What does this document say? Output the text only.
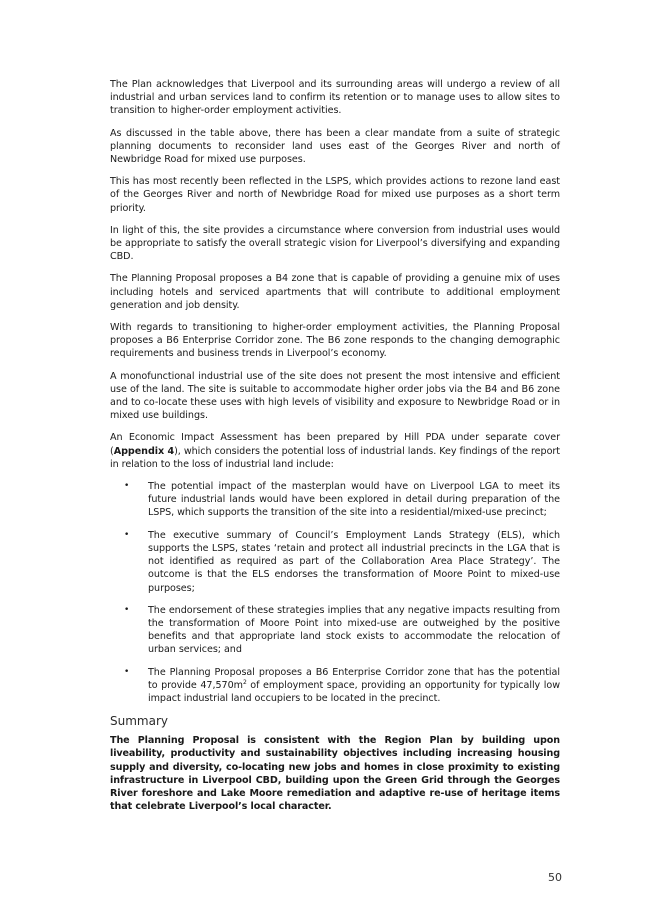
The Plan acknowledges that Liverpool and its surrounding areas will undergo a review of all industrial and urban services land to confirm its retention or to manage uses to allow sites to transition to higher-order employment activities.

As discussed in the table above, there has been a clear mandate from a suite of strategic planning documents to reconsider land uses east of the Georges River and north of Newbridge Road for mixed use purposes.

This has most recently been reflected in the LSPS, which provides actions to rezone land east of the Georges River and north of Newbridge Road for mixed use purposes as a short term priority.

In light of this, the site provides a circumstance where conversion from industrial uses would be appropriate to satisfy the overall strategic vision for Liverpool’s diversifying and expanding CBD.

The Planning Proposal proposes a B4 zone that is capable of providing a genuine mix of uses including hotels and serviced apartments that will contribute to additional employment generation and job density.

With regards to transitioning to higher-order employment activities, the Planning Proposal proposes a B6 Enterprise Corridor zone. The B6 zone responds to the changing demographic requirements and business trends in Liverpool’s economy.

A monofunctional industrial use of the site does not present the most intensive and efficient use of the land. The site is suitable to accommodate higher order jobs via the B4 and B6 zone and to co-locate these uses with high levels of visibility and exposure to Newbridge Road or in mixed use buildings.

An Economic Impact Assessment has been prepared by Hill PDA under separate cover (Appendix 4), which considers the potential loss of industrial lands. Key findings of the report in relation to the loss of industrial land include:

• The potential impact of the masterplan would have on Liverpool LGA to meet its future industrial lands would have been explored in detail during preparation of the LSPS, which supports the transition of the site into a residential/mixed-use precinct;
• The executive summary of Council’s Employment Lands Strategy (ELS), which supports the LSPS, states ‘retain and protect all industrial precincts in the LGA that is not identified as required as part of the Collaboration Area Place Strategy’. The outcome is that the ELS endorses the transformation of Moore Point to mixed-use purposes;
• The endorsement of these strategies implies that any negative impacts resulting from the transformation of Moore Point into mixed-use are outweighed by the positive benefits and that appropriate land stock exists to accommodate the relocation of urban services; and
• The Planning Proposal proposes a B6 Enterprise Corridor zone that has the potential to provide $47,570m^2$ of employment space, providing an opportunity for typically low impact industrial land occupiers to be located in the precinct.
Summary

The Planning Proposal is consistent with the Region Plan by building upon liveability, productivity and sustainability objectives including increasing housing supply and diversity, co-locating new jobs and homes in close proximity to existing infrastructure in Liverpool CBD, building upon the Green Grid through the Georges River foreshore and Lake Moore remediation and adaptive re-use of heritage items that celebrate Liverpool’s local character.

50
